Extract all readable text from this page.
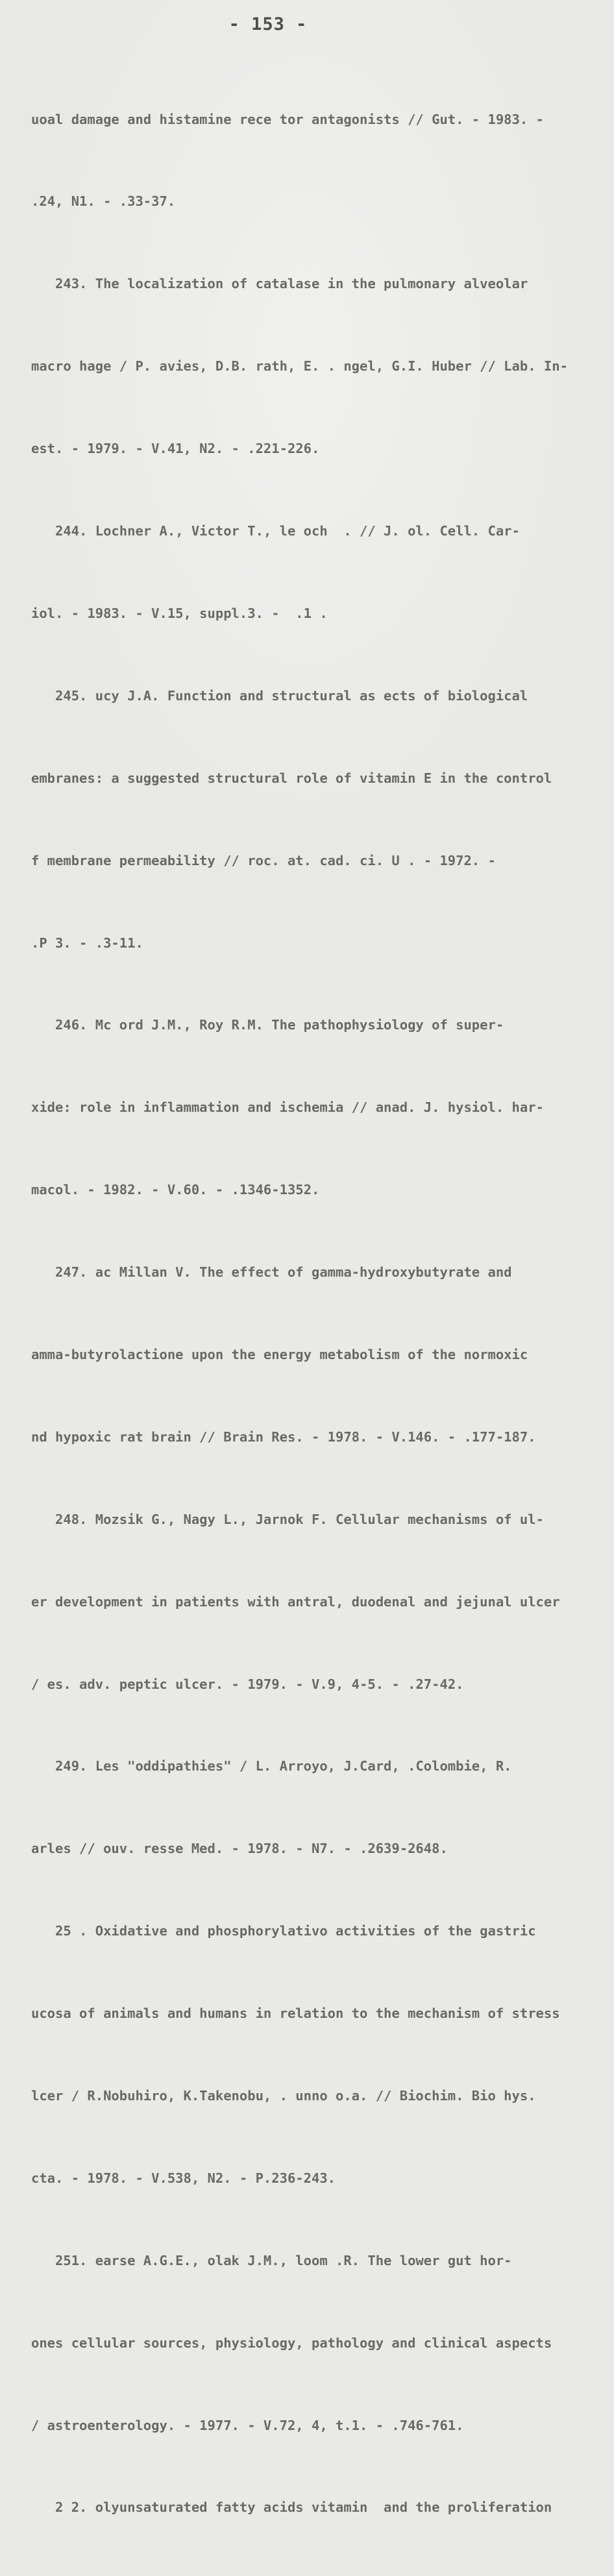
- 153 -

uoal damage and histamine rece tor antagonists // Gut. - 1983. -

.24, N1. - .33-37.

243. The localization of catalase in the pulmonary alveolar

macro hage / P. avies, D.B. rath, E. . ngel, G.I. Huber // Lab. In-

est. - 1979. - V.41, N2. - .221-226.

244. Lochner A., Victor T., le och  . // J. ol. Cell. Car-

iol. - 1983. - V.15, suppl.3. -  .1 .

245. ucy J.A. Function and structural as ects of biological

embranes: a suggested structural role of vitamin E in the control

f membrane permeability // roc. at. cad. ci. U . - 1972. -

.P 3. - .3-11.

246. Mc ord J.M., Roy R.M. The pathophysiology of super-

xide: role in inflammation and ischemia // anad. J. hysiol. har-

macol. - 1982. - V.60. - .1346-1352.

247. ac Millan V. The effect of gamma-hydroxybutyrate and

amma-butyrolactione upon the energy metabolism of the normoxic

nd hypoxic rat brain // Brain Res. - 1978. - V.146. - .177-187.

248. Mozsik G., Nagy L., Jarnok F. Cellular mechanisms of ul-

er development in patients with antral, duodenal and jejunal ulcer

/ es. adv. peptic ulcer. - 1979. - V.9, 4-5. - .27-42.

249. Les "oddipathies" / L. Arroyo, J.Card, .Colombie, R.

arles // ouv. resse Med. - 1978. - N7. - .2639-2648.

25 . Oxidative and phosphorylativo activities of the gastric

ucosa of animals and humans in relation to the mechanism of stress

lcer / R.Nobuhiro, K.Takenobu, . unno o.a. // Biochim. Bio hys.

cta. - 1978. - V.538, N2. - P.236-243.

251. earse A.G.E., olak J.M., loom .R. The lower gut hor-

ones cellular sources, physiology, pathology and clinical aspects

/ astroenterology. - 1977. - V.72, 4, t.1. - .746-761.

2 2. olyunsaturated fatty acids vitamin  and the proliferation
